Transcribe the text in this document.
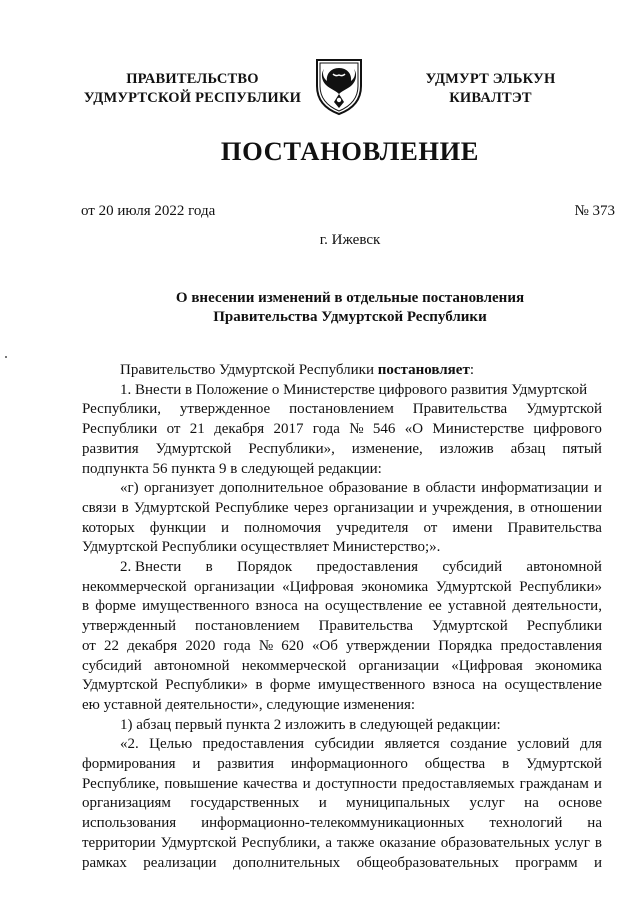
ПРАВИТЕЛЬСТВО
УДМУРТСКОЙ РЕСПУБЛИКИ
УДМУРТ ЭЛЬКУН
КИВАЛТЭТ
ПОСТАНОВЛЕНИЕ
от 20 июля 2022 года	№ 373
г. Ижевск
О внесении изменений в отдельные постановления
Правительства Удмуртской Республики
Правительство Удмуртской Республики постановляет :
1. Внести в Положение о Министерстве цифрового развития Удмуртской
Республики, утвержденное постановлением Правительства Удмуртской
Республики от 21 декабря 2017 года № 546 «О Министерстве цифрового
развития Удмуртской Республики», изменение, изложив абзац пятый
подпункта 56 пункта 9 в следующей редакции:
«г) организует дополнительное образование в области информатизации и
связи в Удмуртской Республике через организации и учреждения, в отношении
которых функции и полномочия учредителя от имени Правительства
Удмуртской Республики осуществляет Министерство;».
2. Внести в Порядок предоставления субсидий автономной
некоммерческой организации «Цифровая экономика Удмуртской Республики»
в форме имущественного взноса на осуществление ее уставной деятельности,
утвержденный постановлением Правительства Удмуртской Республики
от 22 декабря 2020 года № 620 «Об утверждении Порядка предоставления
субсидий автономной некоммерческой организации «Цифровая экономика
Удмуртской Республики» в форме имущественного взноса на осуществление
ею уставной деятельности», следующие изменения:
1) абзац первый пункта 2 изложить в следующей редакции:
«2. Целью предоставления субсидии является создание условий для
формирования и развития информационного общества в Удмуртской
Республике, повышение качества и доступности предоставляемых гражданам и
организациям государственных и муниципальных услуг на основе
использования информационно-телекоммуникационных технологий на
территории Удмуртской Республики, а также оказание образовательных услуг в
рамках реализации дополнительных общеобразовательных программ и
